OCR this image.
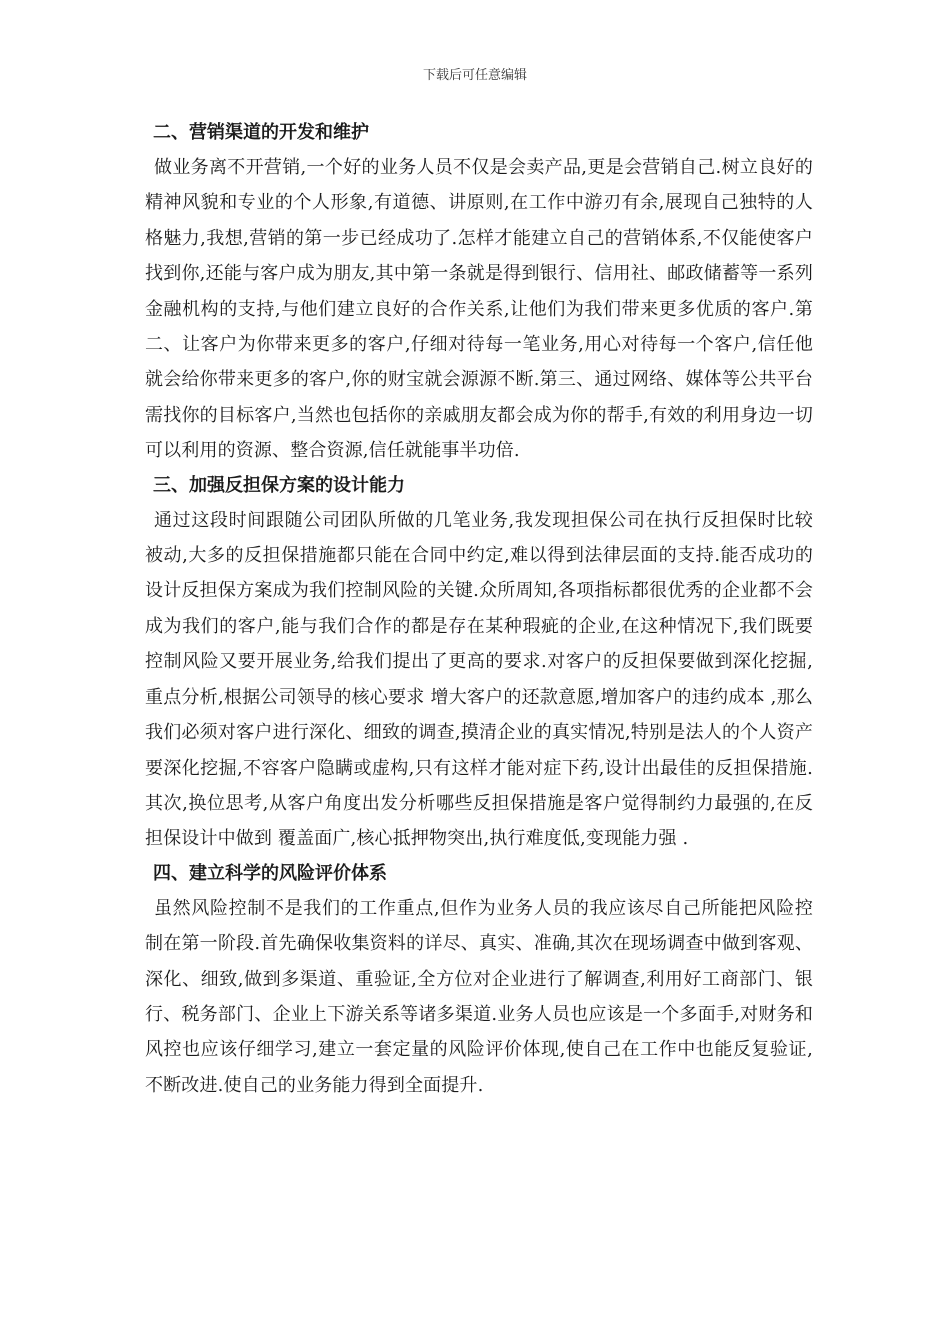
下载后可任意编辑
二、营销渠道的开发和维护

做业务离不开营销,一个好的业务人员不仅是会卖产品,更是会营销自己.树立良好的精神风貌和专业的个人形象,有道德、讲原则,在工作中游刃有余,展现自己独特的人格魅力,我想,营销的第一步已经成功了.怎样才能建立自己的营销体系,不仅能使客户找到你,还能与客户成为朋友,其中第一条就是得到银行、信用社、邮政储蓄等一系列金融机构的支持,与他们建立良好的合作关系,让他们为我们带来更多优质的客户.第二、让客户为你带来更多的客户,仔细对待每一笔业务,用心对待每一个客户,信任他就会给你带来更多的客户,你的财宝就会源源不断.第三、通过网络、媒体等公共平台需找你的目标客户,当然也包括你的亲戚朋友都会成为你的帮手,有效的利用身边一切可以利用的资源、整合资源,信任就能事半功倍.

三、加强反担保方案的设计能力

通过这段时间跟随公司团队所做的几笔业务,我发现担保公司在执行反担保时比较被动,大多的反担保措施都只能在合同中约定,难以得到法律层面的支持.能否成功的设计反担保方案成为我们控制风险的关键.众所周知,各项指标都很优秀的企业都不会成为我们的客户,能与我们合作的都是存在某种瑕疵的企业,在这种情况下,我们既要控制风险又要开展业务,给我们提出了更高的要求.对客户的反担保要做到深化挖掘,重点分析,根据公司领导的核心要求 增大客户的还款意愿,增加客户的违约成本 ,那么我们必须对客户进行深化、细致的调查,摸清企业的真实情况,特别是法人的个人资产要深化挖掘,不容客户隐瞒或虚构,只有这样才能对症下药,设计出最佳的反担保措施.其次,换位思考,从客户角度出发分析哪些反担保措施是客户觉得制约力最强的,在反担保设计中做到 覆盖面广,核心抵押物突出,执行难度低,变现能力强 .

四、建立科学的风险评价体系

虽然风险控制不是我们的工作重点,但作为业务人员的我应该尽自己所能把风险控制在第一阶段.首先确保收集资料的详尽、真实、准确,其次在现场调查中做到客观、深化、细致,做到多渠道、重验证,全方位对企业进行了解调查,利用好工商部门、银行、税务部门、企业上下游关系等诸多渠道.业务人员也应该是一个多面手,对财务和风控也应该仔细学习,建立一套定量的风险评价体现,使自己在工作中也能反复验证,不断改进.使自己的业务能力得到全面提升.
